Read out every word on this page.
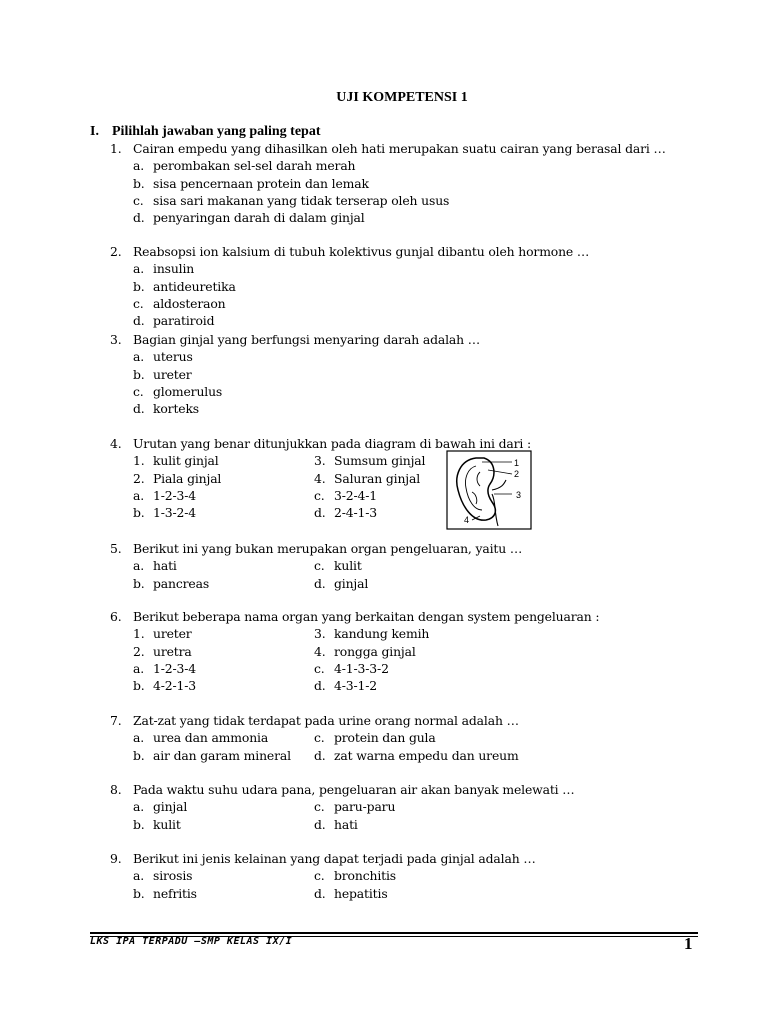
UJI KOMPETENSI 1
I. Pilihlah jawaban yang paling tepat
1. Cairan empedu yang dihasilkan oleh hati merupakan suatu cairan yang berasal dari …
a. perombakan sel-sel darah merah
b. sisa pencernaan protein dan lemak
c. sisa sari makanan yang tidak terserap oleh usus
d. penyaringan darah di dalam ginjal
2. Reabsopsi ion kalsium di tubuh kolektivus gunjal dibantu oleh hormone …
a. insulin
b. antideuretika
c. aldosteraon
d. paratiroid
3. Bagian ginjal yang berfungsi menyaring darah adalah …
a. uterus
b. ureter
c. glomerulus
d. korteks
4. Urutan yang benar ditunjukkan pada diagram di bawah ini dari :
1. kulit ginjal	3. Sumsum ginjal
2. Piala ginjal	4. Saluran ginjal
a. 1-2-3-4	c. 3-2-4-1
b. 1-3-2-4	d. 2-4-1-3
5. Berikut ini yang bukan merupakan organ pengeluaran, yaitu …
a. hati	c. kulit
b. pancreas	d. ginjal
6. Berikut beberapa nama organ yang berkaitan dengan system pengeluaran :
1. ureter	3. kandung kemih
2. uretra	4. rongga ginjal
a. 1-2-3-4	c. 4-1-3-3-2
b. 4-2-1-3	d. 4-3-1-2
7. Zat-zat yang tidak terdapat pada urine orang normal adalah …
a. urea dan ammonia	c. protein dan gula
b. air dan garam mineral d. zat warna empedu dan ureum
8. Pada waktu suhu udara pana, pengeluaran air akan banyak melewati …
a. ginjal	c. paru-paru
b. kulit	d. hati
9. Berikut ini jenis kelainan yang dapat terjadi pada ginjal adalah …
a. sirosis	c. bronchitis
b. nefritis	d. hepatitis
1
2
3
4
LKS IPA TERPADU –SMP KELAS IX/I	1
